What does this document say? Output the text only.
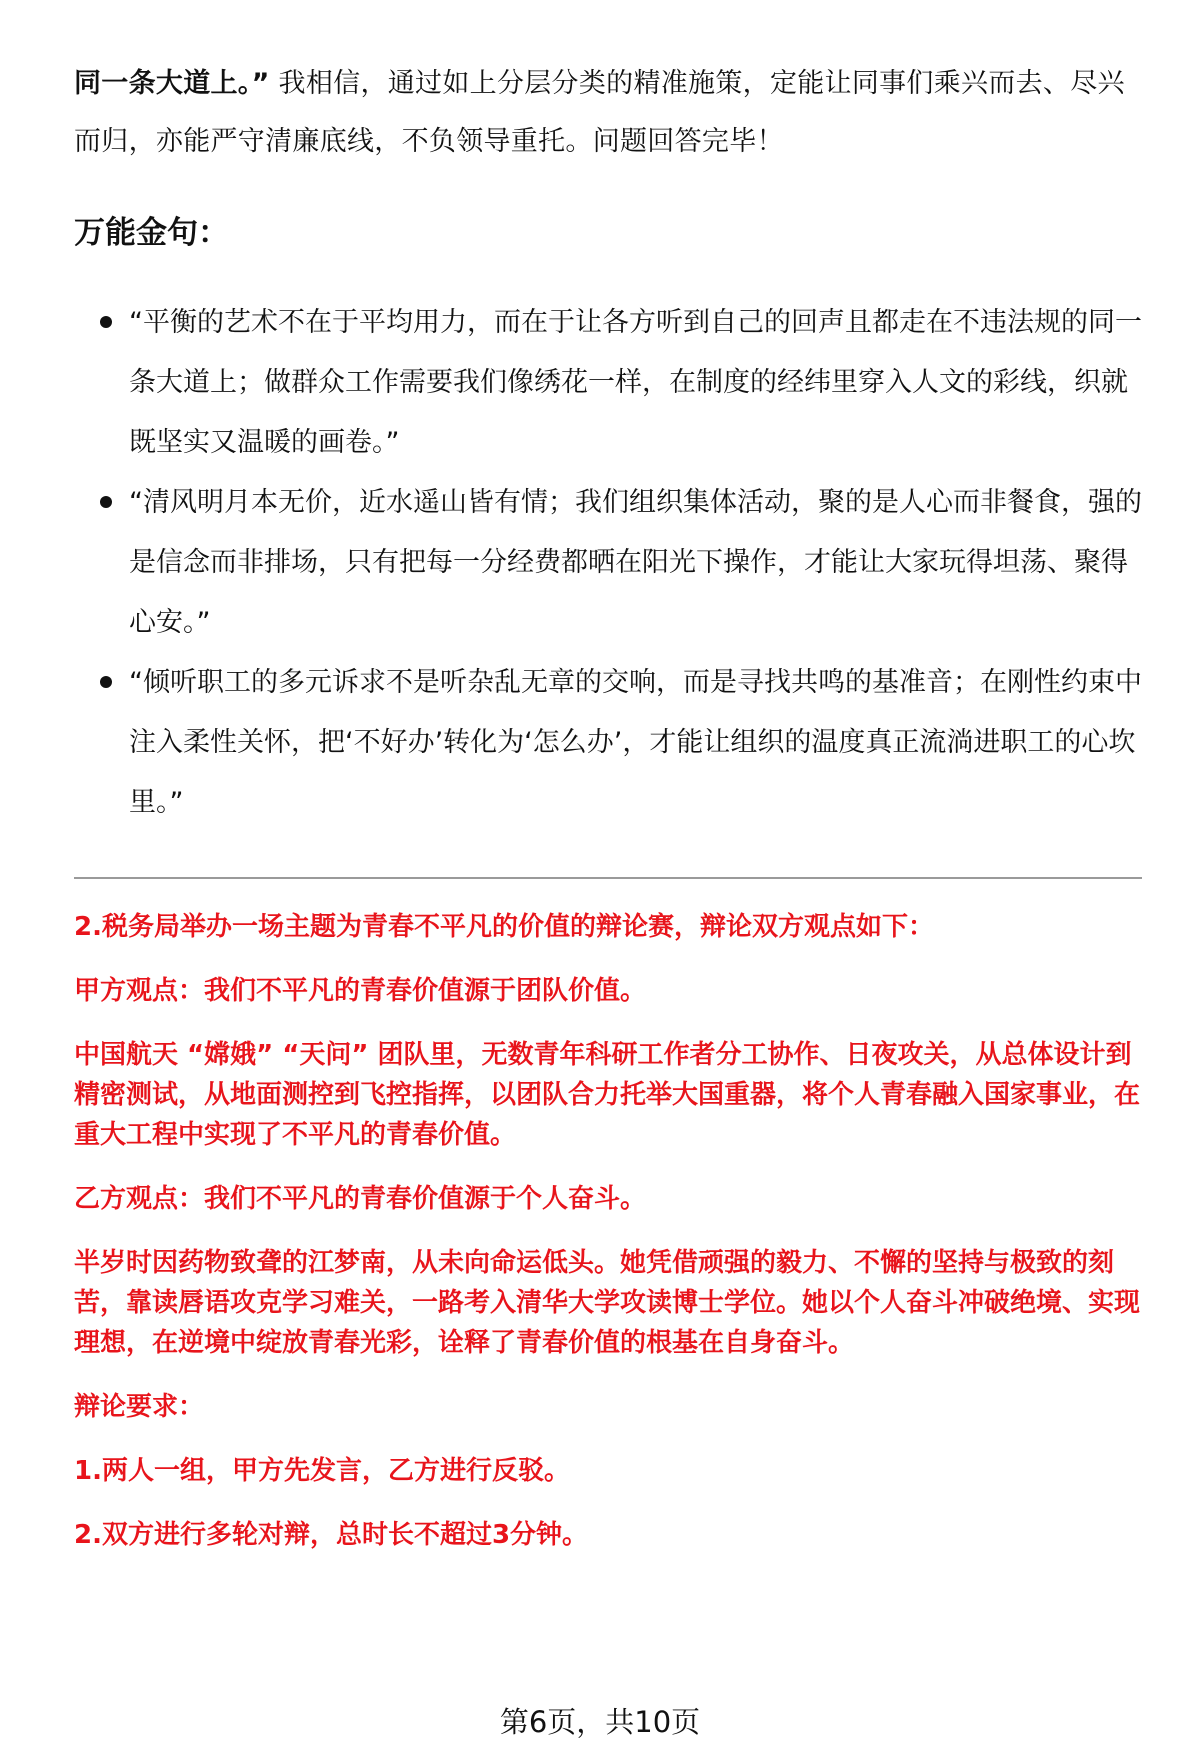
同一条大道上。” 我相信，通过如上分层分类的精准施策，定能让同事们乘兴而去、尽兴而归，亦能严守清廉底线，不负领导重托。问题回答完毕！

万能金句：
“平衡的艺术不在于平均用力，而在于让各方听到自己的回声且都走在不违法规的同一条大道上；做群众工作需要我们像绣花一样，在制度的经纬里穿入人文的彩线，织就既坚实又温暖的画卷。”
“清风明月本无价，近水遥山皆有情；我们组织集体活动，聚的是人心而非餐食，强的是信念而非排场，只有把每一分经费都晒在阳光下操作，才能让大家玩得坦荡、聚得心安。”
“倾听职工的多元诉求不是听杂乱无章的交响，而是寻找共鸣的基准音；在刚性约束中注入柔性关怀，把‘不好办’转化为‘怎么办’，才能让组织的温度真正流淌进职工的心坎里。”

2.税务局举办一场主题为青春不平凡的价值的辩论赛，辩论双方观点如下：

甲方观点：我们不平凡的青春价值源于团队价值。

中国航天 “嫦娥” “天问” 团队里，无数青年科研工作者分工协作、日夜攻关，从总体设计到精密测试，从地面测控到飞控指挥，以团队合力托举大国重器，将个人青春融入国家事业，在重大工程中实现了不平凡的青春价值。

乙方观点：我们不平凡的青春价值源于个人奋斗。

半岁时因药物致聋的江梦南，从未向命运低头。她凭借顽强的毅力、不懈的坚持与极致的刻苦，靠读唇语攻克学习难关，一路考入清华大学攻读博士学位。她以个人奋斗冲破绝境、实现理想，在逆境中绽放青春光彩，诠释了青春价值的根基在自身奋斗。

辩论要求：

1.两人一组，甲方先发言，乙方进行反驳。

2.双方进行多轮对辩，总时长不超过3分钟。

第6页，共10页
